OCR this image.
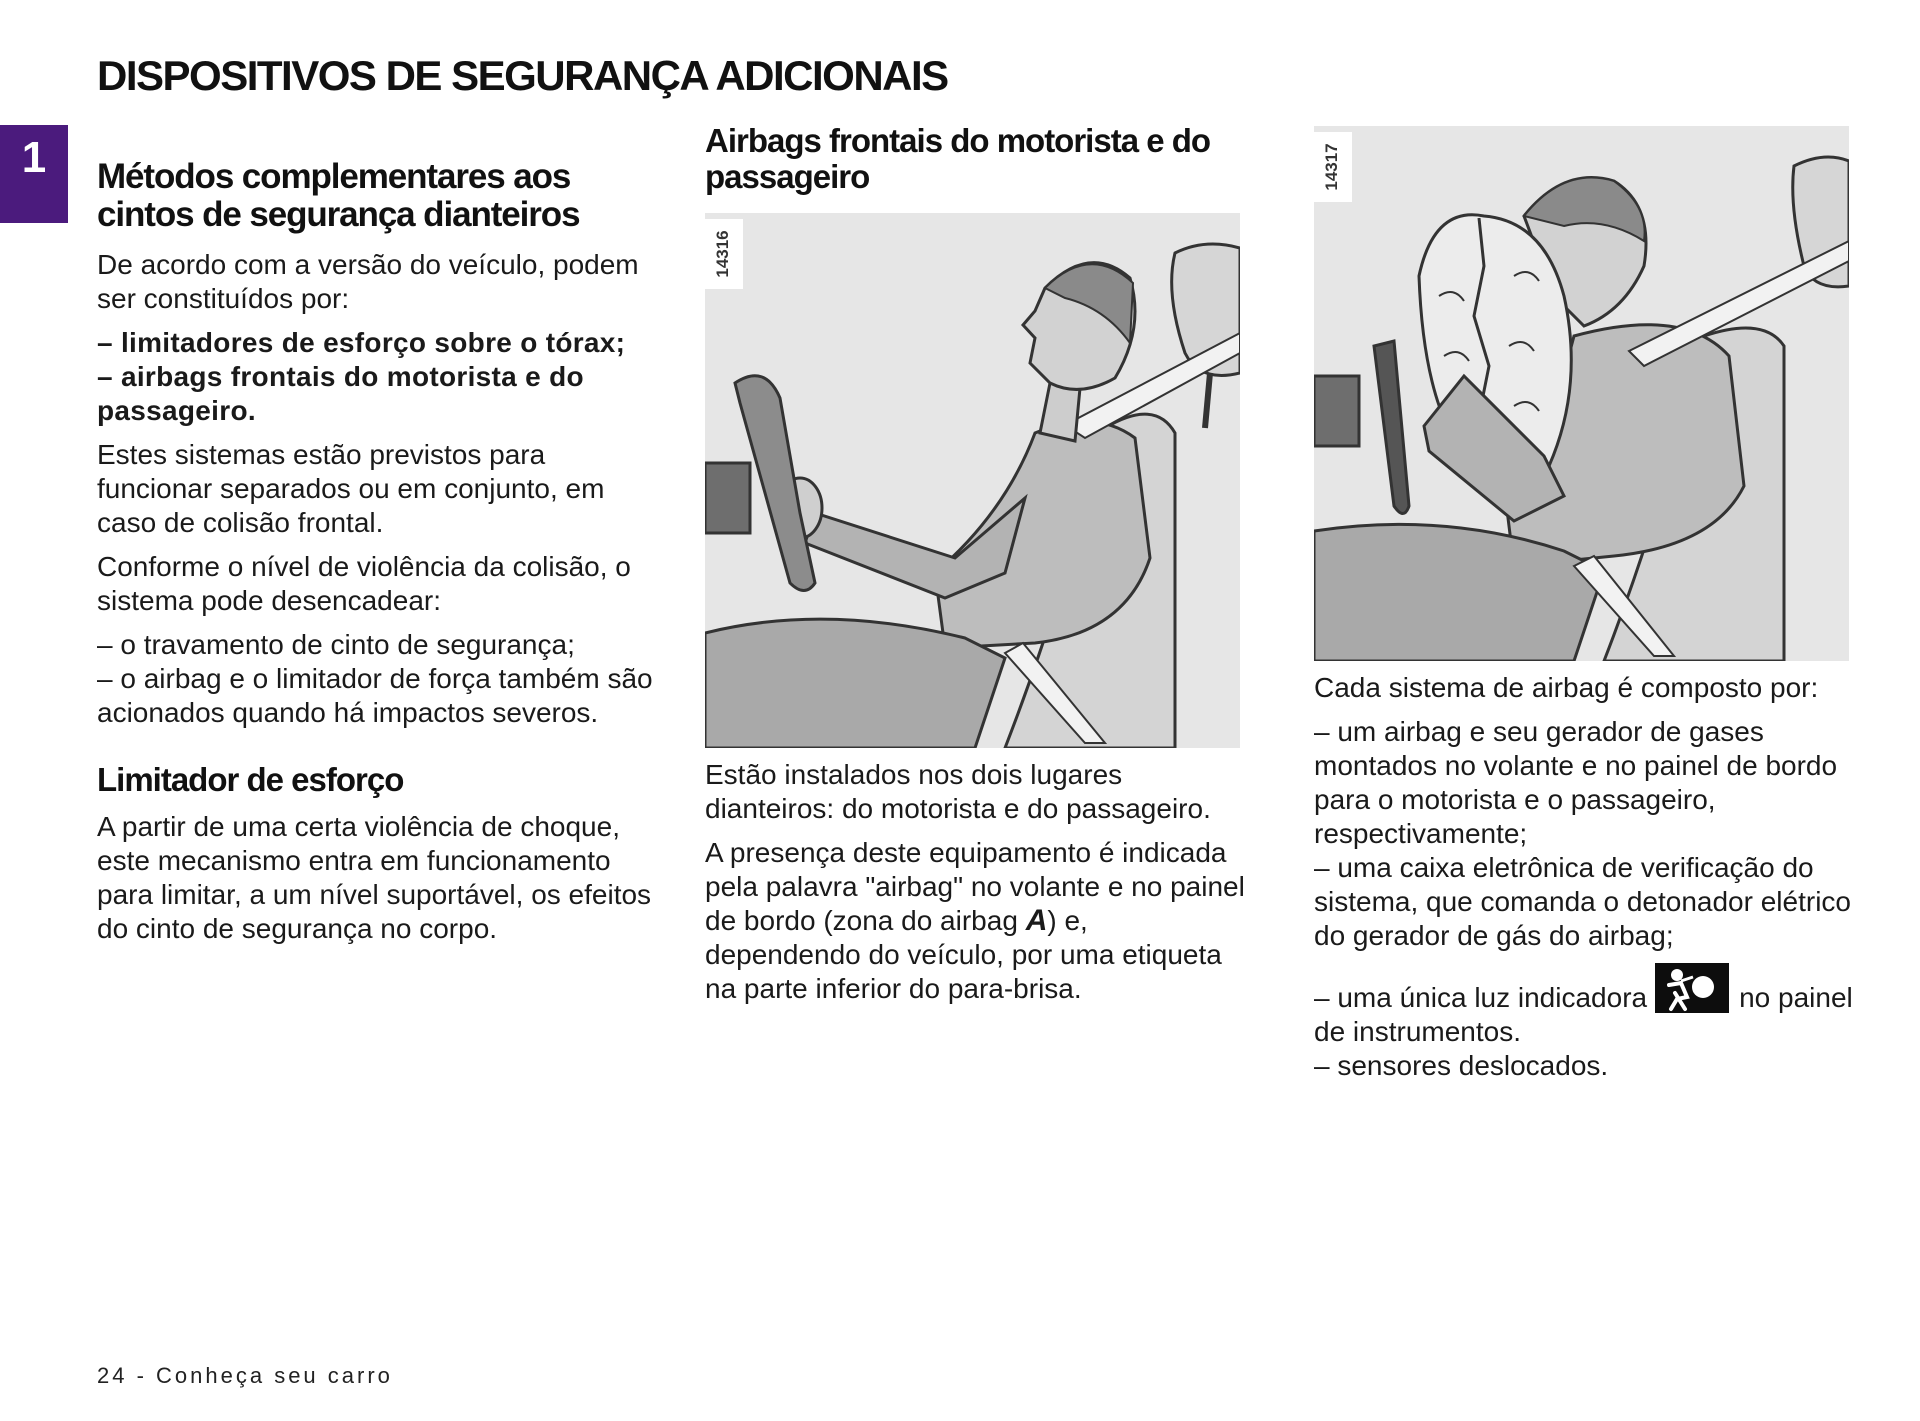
DISPOSITIVOS DE SEGURANÇA ADICIONAIS
1	Métodos complementares aos cintos de segurança dianteiros

De acordo com a versão do veículo, podem ser constituídos por:

– limitadores de esforço sobre o tórax;

– airbags frontais do motorista e do passageiro.

Estes sistemas estão previstos para funcionar separados ou em conjunto, em caso de colisão frontal.

Conforme o nível de violência da colisão, o sistema pode desencadear:

– o travamento de cinto de segurança;

– o airbag e o limitador de força também são acionados quando há impactos severos.

Limitador de esforço

A partir de uma certa violência de choque, este mecanismo entra em funcionamento para limitar, a um nível suportável, os efeitos do cinto de segurança no corpo.

Airbags frontais do motorista e do passageiro
14316

Estão instalados nos dois lugares dianteiros: do motorista e do passageiro.

A presença deste equipamento é indicada pela palavra "airbag" no volante e no painel de bordo (zona do airbag A) e, dependendo do veículo, por uma etiqueta na parte inferior do para-brisa.

14317

Cada sistema de airbag é composto por:

– um airbag e seu gerador de gases montados no volante e no painel de bordo para o motorista e o passageiro, respectivamente;

– uma caixa eletrônica de verificação do sistema, que comanda o detonador elétrico do gerador de gás do airbag;

– uma única luz indicadora	no painel de instrumentos.

– sensores deslocados.

24 - Conheça seu carro
